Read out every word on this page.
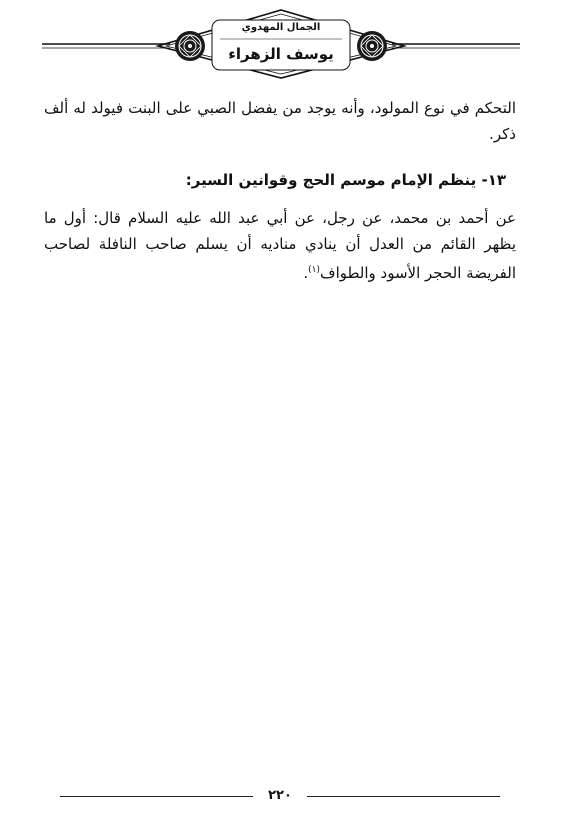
الجمال المهدوي
يوسف الزهراء

التحكم في نوع المولود، وأنه يوجد من يفضل الصبي على البنت فيولد له ألف ذكر.

١٣- ينظم الإمام موسم الحج وقوانين السير:

عن أحمد بن محمد، عن رجل، عن أبي عبد الله عليه السلام قال: أول ما يظهر القائم من العدل أن ينادي مناديه أن يسلم صاحب النافلة لصاحب الفريضة الحجر الأسود والطواف$^{(١)}$.

٢٢٠
